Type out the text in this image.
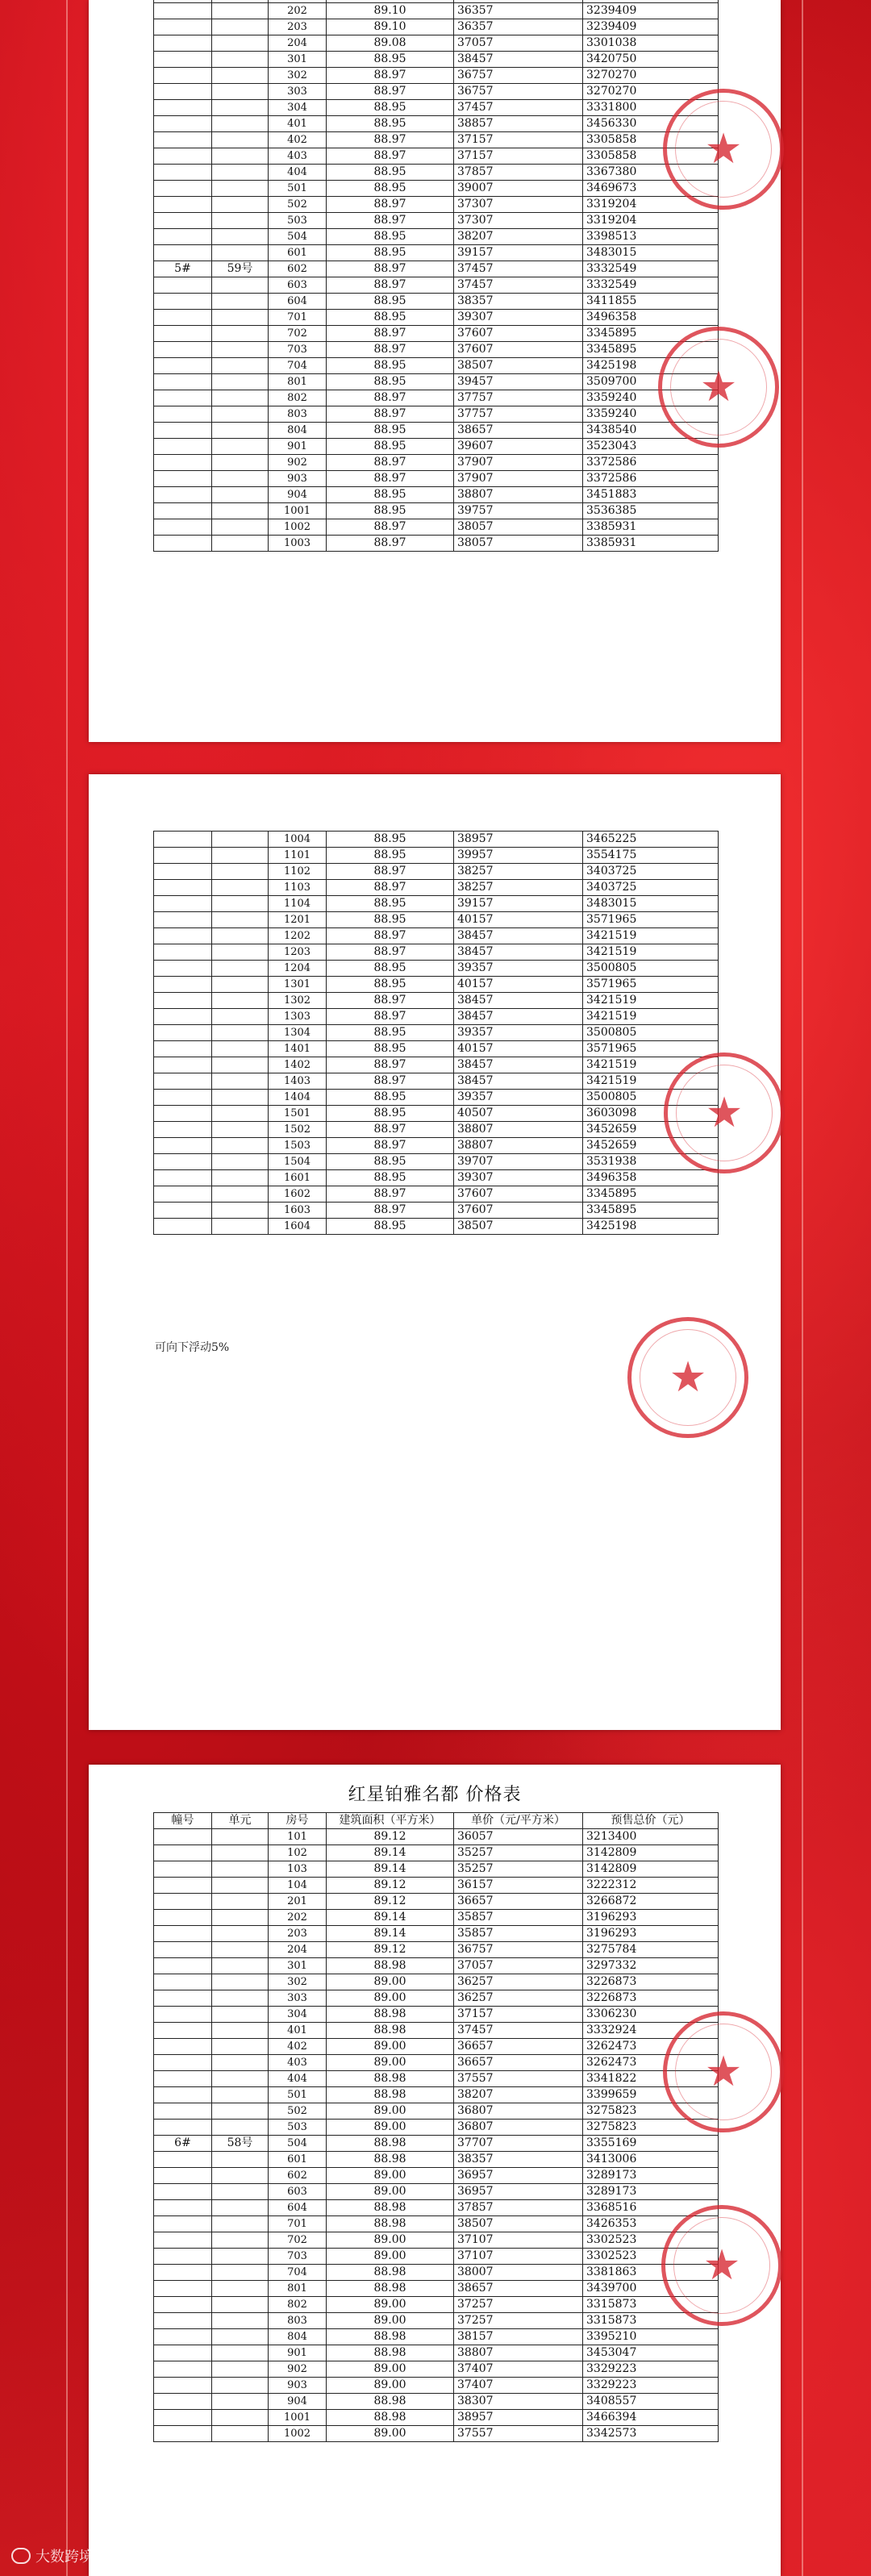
		202	89.10	36357	3239409
		203	89.10	36357	3239409
		204	89.08	37057	3301038
		301	88.95	38457	3420750
		302	88.97	36757	3270270
		303	88.97	36757	3270270
		304	88.95	37457	3331800
		401	88.95	38857	3456330
		402	88.97	37157	3305858
		403	88.97	37157	3305858
		404	88.95	37857	3367380
		501	88.95	39007	3469673
		502	88.97	37307	3319204
		503	88.97	37307	3319204
		504	88.95	38207	3398513
		601	88.95	39157	3483015
5#	59号	602	88.97	37457	3332549
		603	88.97	37457	3332549
		604	88.95	38357	3411855
		701	88.95	39307	3496358
		702	88.97	37607	3345895
		703	88.97	37607	3345895
		704	88.95	38507	3425198
		801	88.95	39457	3509700
		802	88.97	37757	3359240
		803	88.97	37757	3359240
		804	88.95	38657	3438540
		901	88.95	39607	3523043
		902	88.97	37907	3372586
		903	88.97	37907	3372586
		904	88.95	38807	3451883
		1001	88.95	39757	3536385
		1002	88.97	38057	3385931
		1003	88.97	38057	3385931
★
★
		1004	88.95	38957	3465225
		1101	88.95	39957	3554175
		1102	88.97	38257	3403725
		1103	88.97	38257	3403725
		1104	88.95	39157	3483015
		1201	88.95	40157	3571965
		1202	88.97	38457	3421519
		1203	88.97	38457	3421519
		1204	88.95	39357	3500805
		1301	88.95	40157	3571965
		1302	88.97	38457	3421519
		1303	88.97	38457	3421519
		1304	88.95	39357	3500805
		1401	88.95	40157	3571965
		1402	88.97	38457	3421519
		1403	88.97	38457	3421519
		1404	88.95	39357	3500805
		1501	88.95	40507	3603098
		1502	88.97	38807	3452659
		1503	88.97	38807	3452659
		1504	88.95	39707	3531938
		1601	88.95	39307	3496358
		1602	88.97	37607	3345895
		1603	88.97	37607	3345895
		1604	88.95	38507	3425198
可向下浮动5%
★
★
红星铂雅名都 价格表
幢号	单元	房号	建筑面积（平方米）	单价（元/平方米）	预售总价（元）
		101	89.12	36057	3213400
		102	89.14	35257	3142809
		103	89.14	35257	3142809
		104	89.12	36157	3222312
		201	89.12	36657	3266872
		202	89.14	35857	3196293
		203	89.14	35857	3196293
		204	89.12	36757	3275784
		301	88.98	37057	3297332
		302	89.00	36257	3226873
		303	89.00	36257	3226873
		304	88.98	37157	3306230
		401	88.98	37457	3332924
		402	89.00	36657	3262473
		403	89.00	36657	3262473
		404	88.98	37557	3341822
		501	88.98	38207	3399659
		502	89.00	36807	3275823
		503	89.00	36807	3275823
6#	58号	504	88.98	37707	3355169
		601	88.98	38357	3413006
		602	89.00	36957	3289173
		603	89.00	36957	3289173
		604	88.98	37857	3368516
		701	88.98	38507	3426353
		702	89.00	37107	3302523
		703	89.00	37107	3302523
		704	88.98	38007	3381863
		801	88.98	38657	3439700
		802	89.00	37257	3315873
		803	89.00	37257	3315873
		804	88.98	38157	3395210
		901	88.98	38807	3453047
		902	89.00	37407	3329223
		903	89.00	37407	3329223
		904	88.98	38307	3408557
		1001	88.98	38957	3466394
		1002	89.00	37557	3342573
★
★
大数跨境
